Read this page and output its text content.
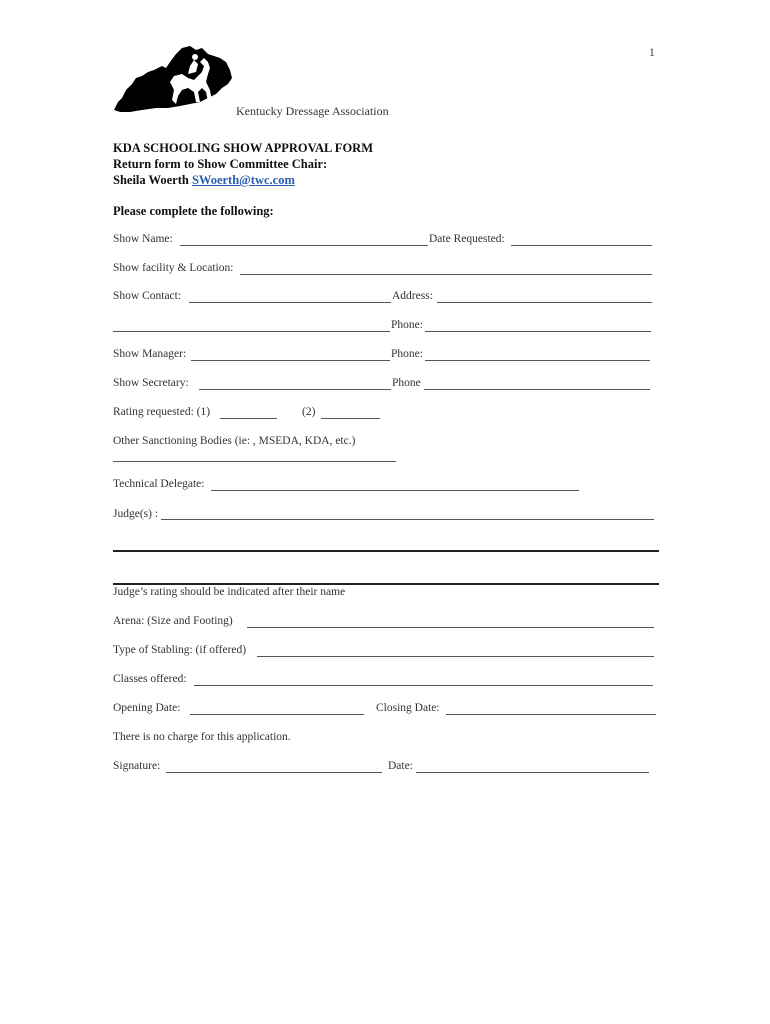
1
Kentucky Dressage Association
KDA SCHOOLING SHOW APPROVAL FORM
Return form to Show Committee Chair:
Sheila Woerth SWoerth@twc.com
Please complete the following:
Show Name:	Date Requested:
Show facility & Location:
Show Contact:	Address:
Phone:
Show Manager:	Phone:
Show Secretary:	Phone
Rating requested: (1)	(2)
Other Sanctioning Bodies (ie: , MSEDA, KDA, etc.)
Technical Delegate:
Judge(s) :
Judge’s rating should be indicated after their name
Arena: (Size and Footing)
Type of Stabling: (if offered)
Classes offered:
Opening Date:	Closing Date:
There is no charge for this application.
Signature:	Date:
